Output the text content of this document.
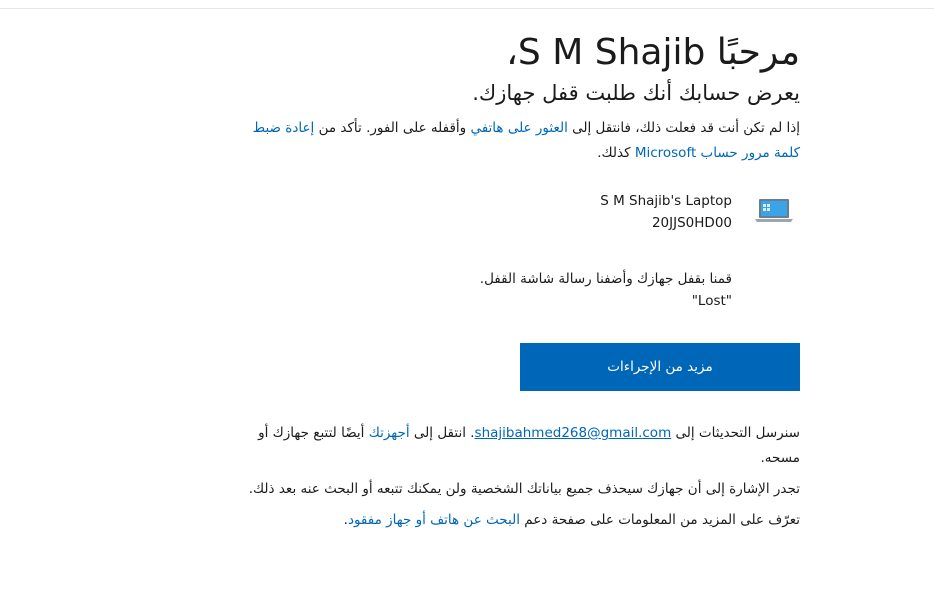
مرحبًا S M Shajib،
يعرض حسابك أنك طلبت قفل جهازك.

إذا لم تكن أنت قد فعلت ذلك، فانتقل إلى العثور على هاتفي وأقفله على الفور. تأكد من إعادة ضبط كلمة مرور حساب Microsoft كذلك.

S M Shajib's Laptop
20JJS0HD00
قمنا بقفل جهازك وأضفنا رسالة شاشة القفل.
"Lost"
مزيد من الإجراءات

سنرسل التحديثات إلى shajibahmed268@gmail.com. انتقل إلى أجهزتك أيضًا لتتبع جهازك أو مسحه.

تجدر الإشارة إلى أن جهازك سيحذف جميع بياناتك الشخصية ولن يمكنك تتبعه أو البحث عنه بعد ذلك.

تعرّف على المزيد من المعلومات على صفحة دعم البحث عن هاتف أو جهاز مفقود.
